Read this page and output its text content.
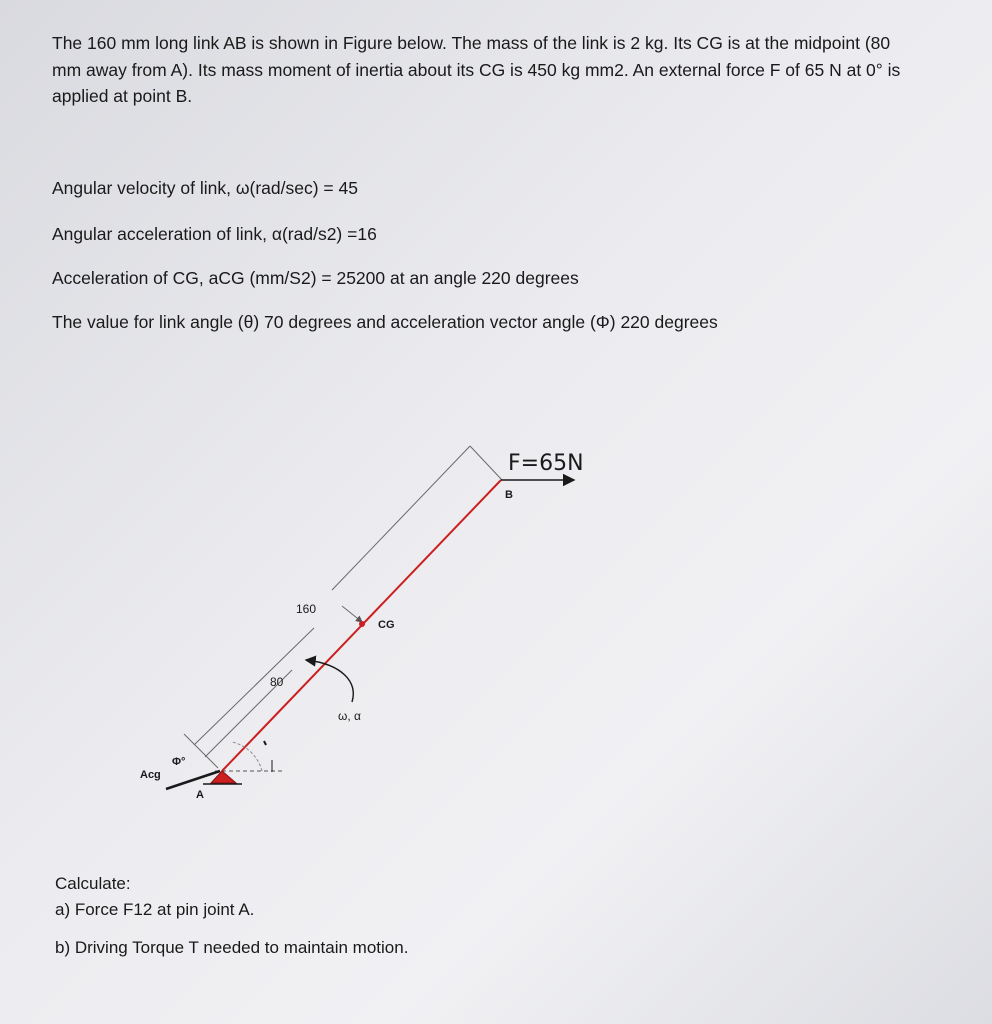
The 160 mm long link AB is shown in Figure below. The mass of the link is 2 kg. Its CG is at the midpoint (80 mm away from A). Its mass moment of inertia about its CG is 450 kg mm2. An external force F of 65 N at 0° is applied at point B.

Angular velocity of link, ω(rad/sec) = 45

Angular acceleration of link, α(rad/s2) =16

Acceleration of CG, aCG (mm/S2) = 25200 at an angle 220 degrees

The value for link angle (θ) 70 degrees and acceleration vector angle (Φ) 220 degrees

F=65N
B
CG
160
80
ω, α
Acg
Φ°
A

Calculate:

a) Force F12 at pin joint A.

b) Driving Torque T needed to maintain motion.
